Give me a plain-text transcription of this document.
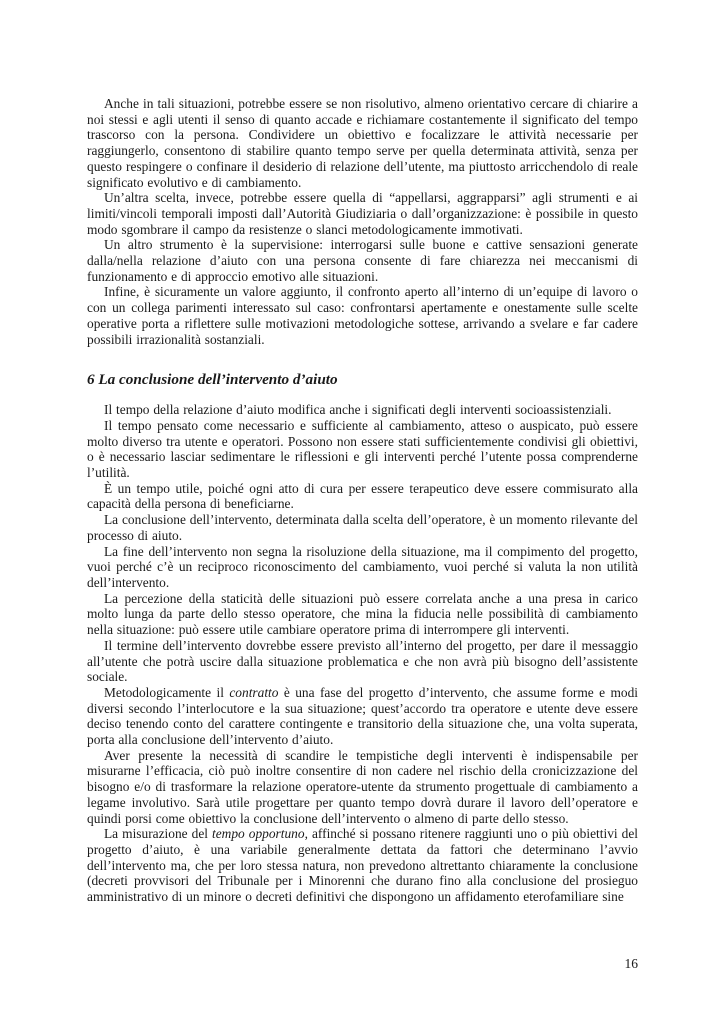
Anche in tali situazioni, potrebbe essere se non risolutivo, almeno orientativo cercare di chiarire a noi stessi e agli utenti il senso di quanto accade e richiamare costantemente il significato del tempo trascorso con la persona. Condividere un obiettivo e focalizzare le attività necessarie per raggiungerlo, consentono di stabilire quanto tempo serve per quella determinata attività, senza per questo respingere o confinare il desiderio di relazione dell’utente, ma piuttosto arricchendolo di reale significato evolutivo e di cambiamento.

Un’altra scelta, invece, potrebbe essere quella di “appellarsi, aggrapparsi” agli strumenti e ai limiti/vincoli temporali imposti dall’Autorità Giudiziaria o dall’organizzazione: è possibile in questo modo sgombrare il campo da resistenze o slanci metodologicamente immotivati.

Un altro strumento è la supervisione: interrogarsi sulle buone e cattive sensazioni generate dalla/nella relazione d’aiuto con una persona consente di fare chiarezza nei meccanismi di funzionamento e di approccio emotivo alle situazioni.

Infine, è sicuramente un valore aggiunto, il confronto aperto all’interno di un’equipe di lavoro o con un collega parimenti interessato sul caso: confrontarsi apertamente e onestamente sulle scelte operative porta a riflettere sulle motivazioni metodologiche sottese, arrivando a svelare e far cadere possibili irrazionalità sostanziali.

6 La conclusione dell’intervento d’aiuto

Il tempo della relazione d’aiuto modifica anche i significati degli interventi socioassistenziali.

Il tempo pensato come necessario e sufficiente al cambiamento, atteso o auspicato, può essere molto diverso tra utente e operatori. Possono non essere stati sufficientemente condivisi gli obiettivi, o è necessario lasciar sedimentare le riflessioni e gli interventi perché l’utente possa comprenderne l’utilità.

È un tempo utile, poiché ogni atto di cura per essere terapeutico deve essere commisurato alla capacità della persona di beneficiarne.

La conclusione dell’intervento, determinata dalla scelta dell’operatore, è un momento rilevante del processo di aiuto.

La fine dell’intervento non segna la risoluzione della situazione, ma il compimento del progetto, vuoi perché c’è un reciproco riconoscimento del cambiamento, vuoi perché si valuta la non utilità dell’intervento.

La percezione della staticità delle situazioni può essere correlata anche a una presa in carico molto lunga da parte dello stesso operatore, che mina la fiducia nelle possibilità di cambiamento nella situazione: può essere utile cambiare operatore prima di interrompere gli interventi.

Il termine dell’intervento dovrebbe essere previsto all’interno del progetto, per dare il messaggio all’utente che potrà uscire dalla situazione problematica e che non avrà più bisogno dell’assistente sociale.

Metodologicamente il contratto è una fase del progetto d’intervento, che assume forme e modi diversi secondo l’interlocutore e la sua situazione; quest’accordo tra operatore e utente deve essere deciso tenendo conto del carattere contingente e transitorio della situazione che, una volta superata, porta alla conclusione dell’intervento d’aiuto.

Aver presente la necessità di scandire le tempistiche degli interventi è indispensabile per misurarne l’efficacia, ciò può inoltre consentire di non cadere nel rischio della cronicizzazione del bisogno e/o di trasformare la relazione operatore-utente da strumento progettuale di cambiamento a legame involutivo. Sarà utile progettare per quanto tempo dovrà durare il lavoro dell’operatore e quindi porsi come obiettivo la conclusione dell’intervento o almeno di parte dello stesso.

La misurazione del tempo opportuno, affinché si possano ritenere raggiunti uno o più obiettivi del progetto d’aiuto, è una variabile generalmente dettata da fattori che determinano l’avvio dell’intervento ma, che per loro stessa natura, non prevedono altrettanto chiaramente la conclusione (decreti provvisori del Tribunale per i Minorenni che durano fino alla conclusione del prosieguo amministrativo di un minore o decreti definitivi che dispongono un affidamento eterofamiliare sine

16
